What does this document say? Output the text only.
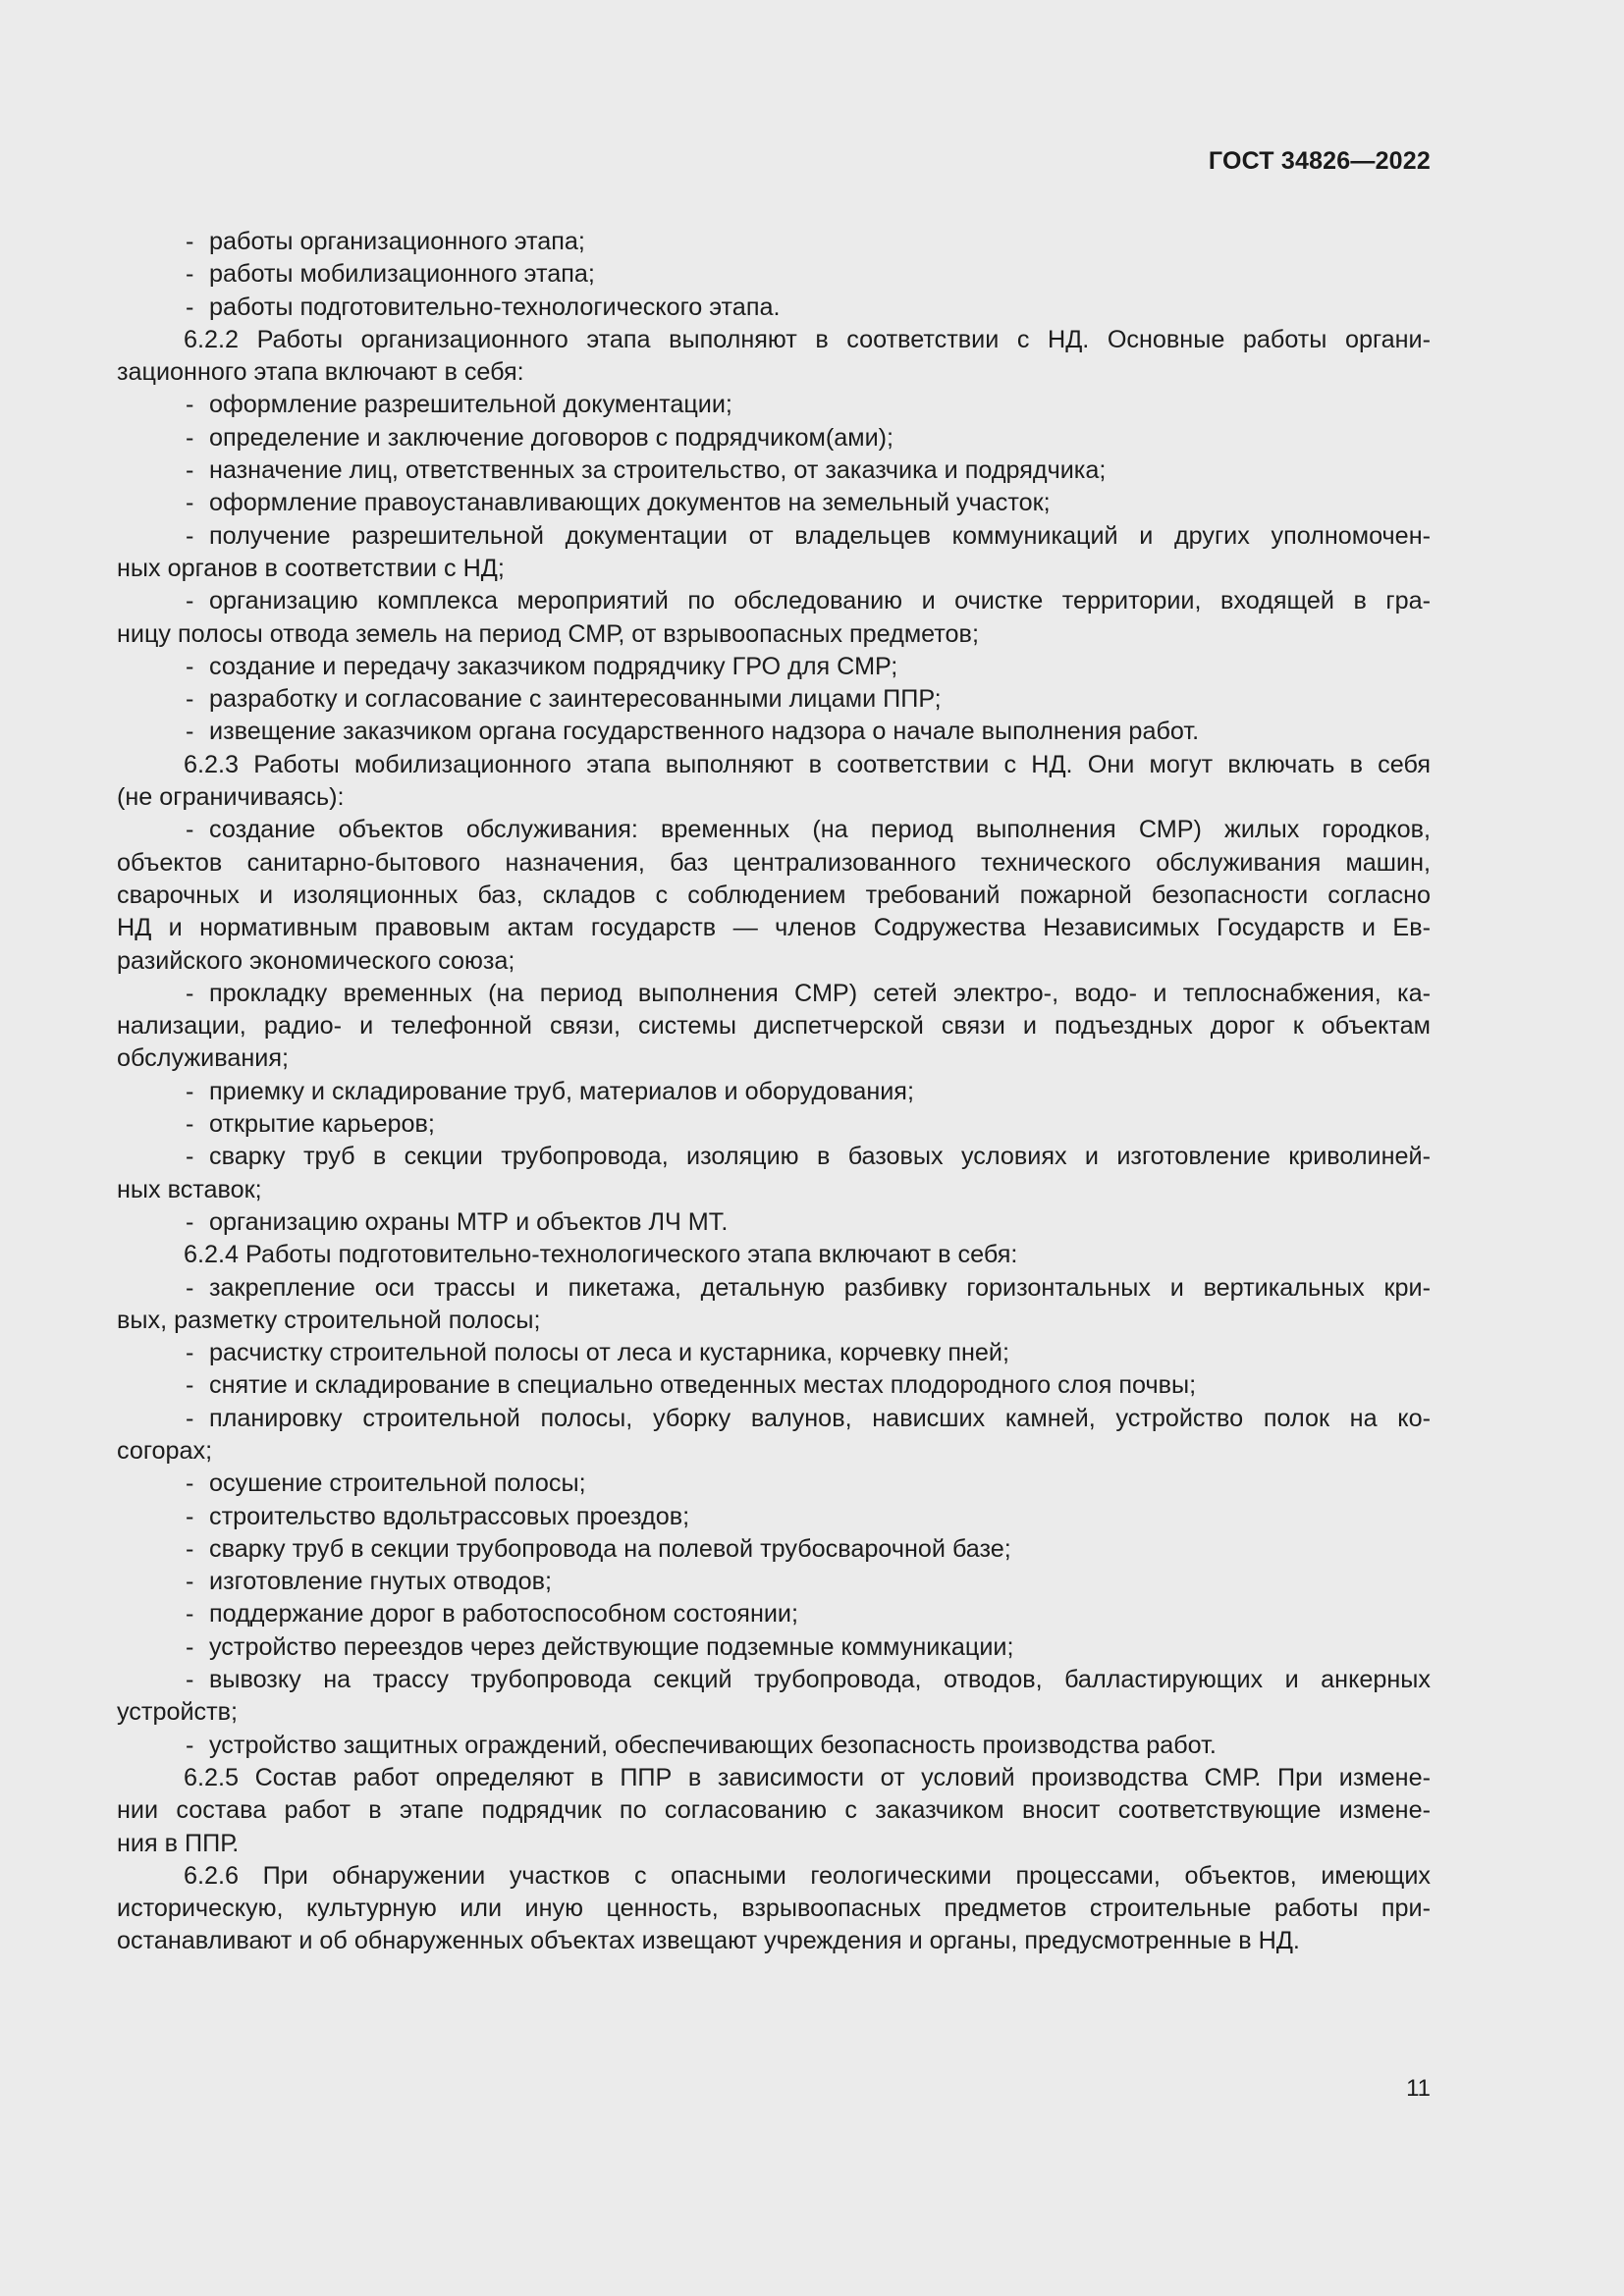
ГОСТ 34826—2022
- работы организационного этапа;
- работы мобилизационного этапа;
- работы подготовительно-технологического этапа.
6.2.2 Работы организационного этапа выполняют в соответствии с НД. Основные работы органи-
зационного этапа включают в себя:
- оформление разрешительной документации;
- определение и заключение договоров с подрядчиком(ами);
- назначение лиц, ответственных за строительство, от заказчика и подрядчика;
- оформление правоустанавливающих документов на земельный участок;
- получение разрешительной документации от владельцев коммуникаций и других уполномочен-
ных органов в соответствии с НД;
- организацию комплекса мероприятий по обследованию и очистке территории, входящей в гра-
ницу полосы отвода земель на период СМР, от взрывоопасных предметов;
- создание и передачу заказчиком подрядчику ГРО для СМР;
- разработку и согласование с заинтересованными лицами ППР;
- извещение заказчиком органа государственного надзора о начале выполнения работ.
6.2.3 Работы мобилизационного этапа выполняют в соответствии с НД. Они могут включать в себя
(не ограничиваясь):
- создание объектов обслуживания: временных (на период выполнения СМР) жилых городков,
объектов санитарно-бытового назначения, баз централизованного технического обслуживания машин,
сварочных и изоляционных баз, складов с соблюдением требований пожарной безопасности согласно
НД и нормативным правовым актам государств — членов Содружества Независимых Государств и Ев-
разийского экономического союза;
- прокладку временных (на период выполнения СМР) сетей электро-, водо- и теплоснабжения, ка-
нализации, радио- и телефонной связи, системы диспетчерской связи и подъездных дорог к объектам
обслуживания;
- приемку и складирование труб, материалов и оборудования;
- открытие карьеров;
- сварку труб в секции трубопровода, изоляцию в базовых условиях и изготовление криволиней-
ных вставок;
- организацию охраны МТР и объектов ЛЧ МТ.
6.2.4 Работы подготовительно-технологического этапа включают в себя:
- закрепление оси трассы и пикетажа, детальную разбивку горизонтальных и вертикальных кри-
вых, разметку строительной полосы;
- расчистку строительной полосы от леса и кустарника, корчевку пней;
- снятие и складирование в специально отведенных местах плодородного слоя почвы;
- планировку строительной полосы, уборку валунов, нависших камней, устройство полок на ко-
согорах;
- осушение строительной полосы;
- строительство вдольтрассовых проездов;
- сварку труб в секции трубопровода на полевой трубосварочной базе;
- изготовление гнутых отводов;
- поддержание дорог в работоспособном состоянии;
- устройство переездов через действующие подземные коммуникации;
- вывозку на трассу трубопровода секций трубопровода, отводов, балластирующих и анкерных
устройств;
- устройство защитных ограждений, обеспечивающих безопасность производства работ.
6.2.5 Состав работ определяют в ППР в зависимости от условий производства СМР. При измене-
нии состава работ в этапе подрядчик по согласованию с заказчиком вносит соответствующие измене-
ния в ППР.
6.2.6 При обнаружении участков с опасными геологическими процессами, объектов, имеющих
историческую, культурную или иную ценность, взрывоопасных предметов строительные работы при-
останавливают и об обнаруженных объектах извещают учреждения и органы, предусмотренные в НД.
11
